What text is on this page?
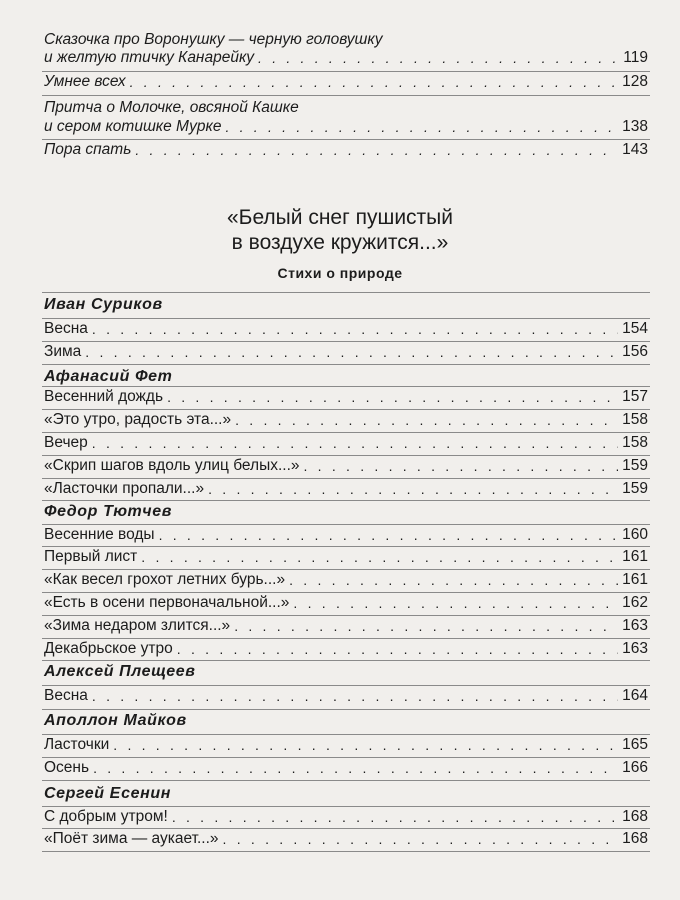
Сказочка про Воронушку — черную головушку
и желтую птичку Канарейку . . .	119
Умнее всех . . .	128
Притча о Молочке, овсяной Кашке
и сером котишке Мурке . . .	138
Пора спать . . .	143
«Белый снег пушистый
в воздухе кружится...»
Стихи о природе
Иван Суриков
Весна . . .	154
Зима . . .	156
Афанасий Фет
Весенний дождь . . .	157
«Это утро, радость эта...» . . .	158
Вечер . . .	158
«Скрип шагов вдоль улиц белых...» . . .	159
«Ласточки пропали...» . . .	159
Федор Тютчев
Весенние воды . . .	160
Первый лист . . .	161
«Как весел грохот летних бурь...» . . .	161
«Есть в осени первоначальной...» . . .	162
«Зима недаром злится...» . . .	163
Декабрьское утро . . .	163
Алексей Плещеев
Весна . . .	164
Аполлон Майков
Ласточки . . .	165
Осень . . .	166
Сергей Есенин
С добрым утром! . . .	168
«Поёт зима — аукает...» . . .	168
